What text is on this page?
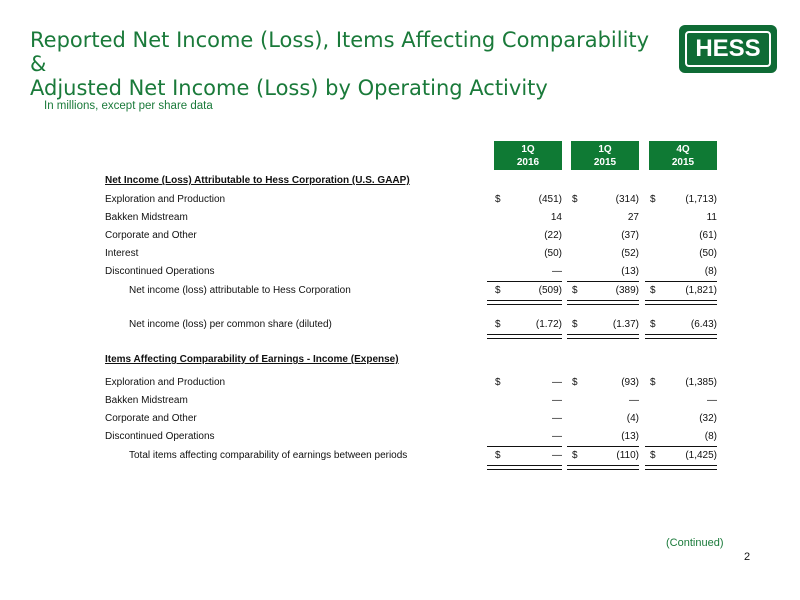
Reported Net Income (Loss), Items Affecting Comparability &
Adjusted Net Income (Loss) by Operating Activity
HESS
In millions, except per share data
1Q
2016
1Q
2015
4Q
2015
Net Income (Loss) Attributable to Hess Corporation (U.S. GAAP)
Exploration and Production	$	(451) $	(314) $	(1,713)
Bakken Midstream	14	27	11
Corporate and Other	(22)	(37)	(61)
Interest	(50)	(52)	(50)
Discontinued Operations	—	(13)	(8)
Net income (loss) attributable to Hess Corporation	$	(509) $	(389) $	(1,821)
Net income (loss) per common share (diluted)	$	(1.72) $	(1.37) $	(6.43)
Items Affecting Comparability of Earnings - Income (Expense)
Exploration and Production	$	— $	(93) $	(1,385)
Bakken Midstream	—	—	—
Corporate and Other	—	(4)	(32)
Discontinued Operations	—	(13)	(8)
Total items affecting comparability of earnings between periods	$	— $	(110) $	(1,425)
(Continued)
2
